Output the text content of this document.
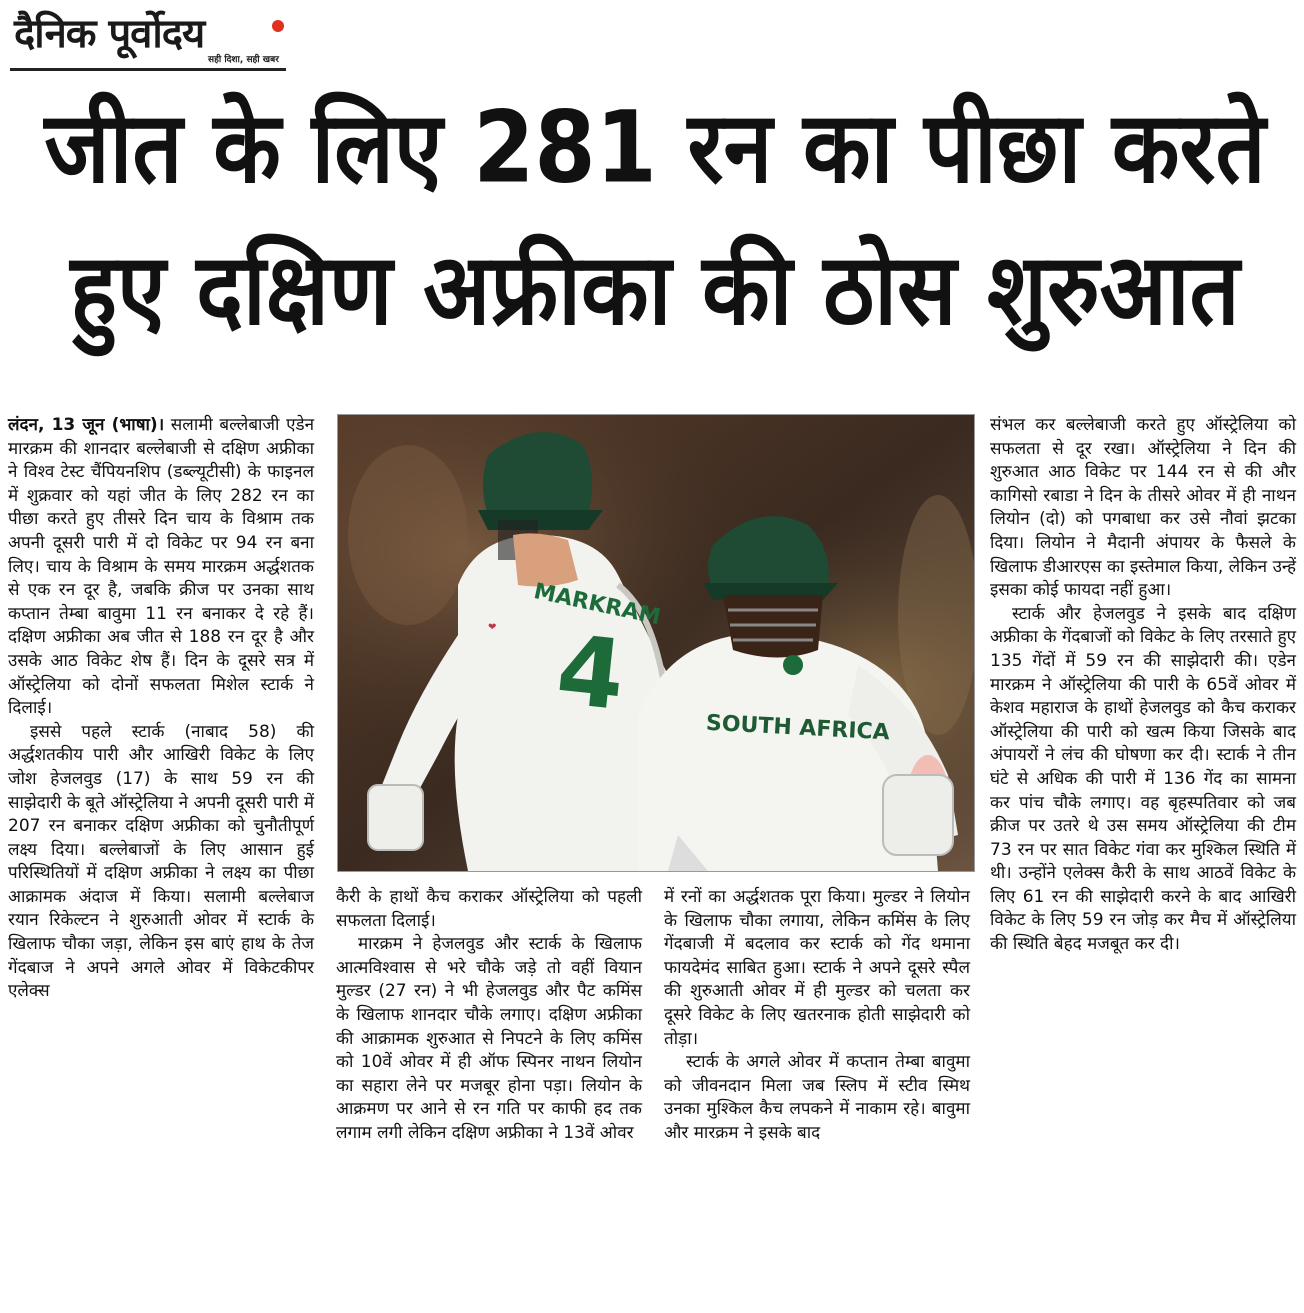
दैनिक पूर्वोदय
सही दिशा, सही खबर
जीत के लिए 281 रन का पीछा करते
हुए दक्षिण अफ्रीका की ठोस शुरुआत

लंदन, 13 जून (भाषा)। सलामी बल्लेबाजी एडेन मारक्रम की शानदार बल्लेबाजी से दक्षिण अफ्रीका ने विश्व टेस्ट चैंपियनशिप (डब्ल्यूटीसी) के फाइनल में शुक्रवार को यहां जीत के लिए 282 रन का पीछा करते हुए तीसरे दिन चाय के विश्राम तक अपनी दूसरी पारी में दो विकेट पर 94 रन बना लिए। चाय के विश्राम के समय मारक्रम अर्द्धशतक से एक रन दूर है, जबकि क्रीज पर उनका साथ कप्तान तेम्बा बावुमा 11 रन बनाकर दे रहे हैं। दक्षिण अफ्रीका अब जीत से 188 रन दूर है और उसके आठ विकेट शेष हैं। दिन के दूसरे सत्र में ऑस्ट्रेलिया को दोनों सफलता मिशेल स्टार्क ने दिलाई।

इससे पहले स्टार्क (नाबाद 58) की अर्द्धशतकीय पारी और आखिरी विकेट के लिए जोश हेजलवुड (17) के साथ 59 रन की साझेदारी के बूते ऑस्ट्रेलिया ने अपनी दूसरी पारी में 207 रन बनाकर दक्षिण अफ्रीका को चुनौतीपूर्ण लक्ष्य दिया। बल्लेबाजों के लिए आसान हुई परिस्थितियों में दक्षिण अफ्रीका ने लक्ष्य का पीछा आक्रामक अंदाज में किया। सलामी बल्लेबाज रयान रिकेल्टन ने शुरुआती ओवर में स्टार्क के खिलाफ चौका जड़ा, लेकिन इस बाएं हाथ के तेज गेंदबाज ने अपने अगले ओवर में विकेटकीपर एलेक्स

MARKRAM
4
❤
SOUTH AFRICA

कैरी के हाथों कैच कराकर ऑस्ट्रेलिया को पहली सफलता दिलाई।

मारक्रम ने हेजलवुड और स्टार्क के खिलाफ आत्मविश्वास से भरे चौके जड़े तो वहीं वियान मुल्डर (27 रन) ने भी हेजलवुड और पैट कमिंस के खिलाफ शानदार चौके लगाए। दक्षिण अफ्रीका की आक्रामक शुरुआत से निपटने के लिए कमिंस को 10वें ओवर में ही ऑफ स्पिनर नाथन लियोन का सहारा लेने पर मजबूर होना पड़ा। लियोन के आक्रमण पर आने से रन गति पर काफी हद तक लगाम लगी लेकिन दक्षिण अफ्रीका ने 13वें ओवर

में रनों का अर्द्धशतक पूरा किया। मुल्डर ने लियोन के खिलाफ चौका लगाया, लेकिन कमिंस के लिए गेंदबाजी में बदलाव कर स्टार्क को गेंद थमाना फायदेमंद साबित हुआ। स्टार्क ने अपने दूसरे स्पैल की शुरुआती ओवर में ही मुल्डर को चलता कर दूसरे विकेट के लिए खतरनाक होती साझेदारी को तोड़ा।

स्टार्क के अगले ओवर में कप्तान तेम्बा बावुमा को जीवनदान मिला जब स्लिप में स्टीव स्मिथ उनका मुश्किल कैच लपकने में नाकाम रहे। बावुमा और मारक्रम ने इसके बाद

संभल कर बल्लेबाजी करते हुए ऑस्ट्रेलिया को सफलता से दूर रखा। ऑस्ट्रेलिया ने दिन की शुरुआत आठ विकेट पर 144 रन से की और कागिसो रबाडा ने दिन के तीसरे ओवर में ही नाथन लियोन (दो) को पगबाधा कर उसे नौवां झटका दिया। लियोन ने मैदानी अंपायर के फैसले के खिलाफ डीआरएस का इस्तेमाल किया, लेकिन उन्हें इसका कोई फायदा नहीं हुआ।

स्टार्क और हेजलवुड ने इसके बाद दक्षिण अफ्रीका के गेंदबाजों को विकेट के लिए तरसाते हुए 135 गेंदों में 59 रन की साझेदारी की। एडेन मारक्रम ने ऑस्ट्रेलिया की पारी के 65वें ओवर में केशव महाराज के हाथों हेजलवुड को कैच कराकर ऑस्ट्रेलिया की पारी को खत्म किया जिसके बाद अंपायरों ने लंच की घोषणा कर दी। स्टार्क ने तीन घंटे से अधिक की पारी में 136 गेंद का सामना कर पांच चौके लगाए। वह बृहस्पतिवार को जब क्रीज पर उतरे थे उस समय ऑस्ट्रेलिया की टीम 73 रन पर सात विकेट गंवा कर मुश्किल स्थिति में थी। उन्होंने एलेक्स कैरी के साथ आठवें विकेट के लिए 61 रन की साझेदारी करने के बाद आखिरी विकेट के लिए 59 रन जोड़ कर मैच में ऑस्ट्रेलिया की स्थिति बेहद मजबूत कर दी।
